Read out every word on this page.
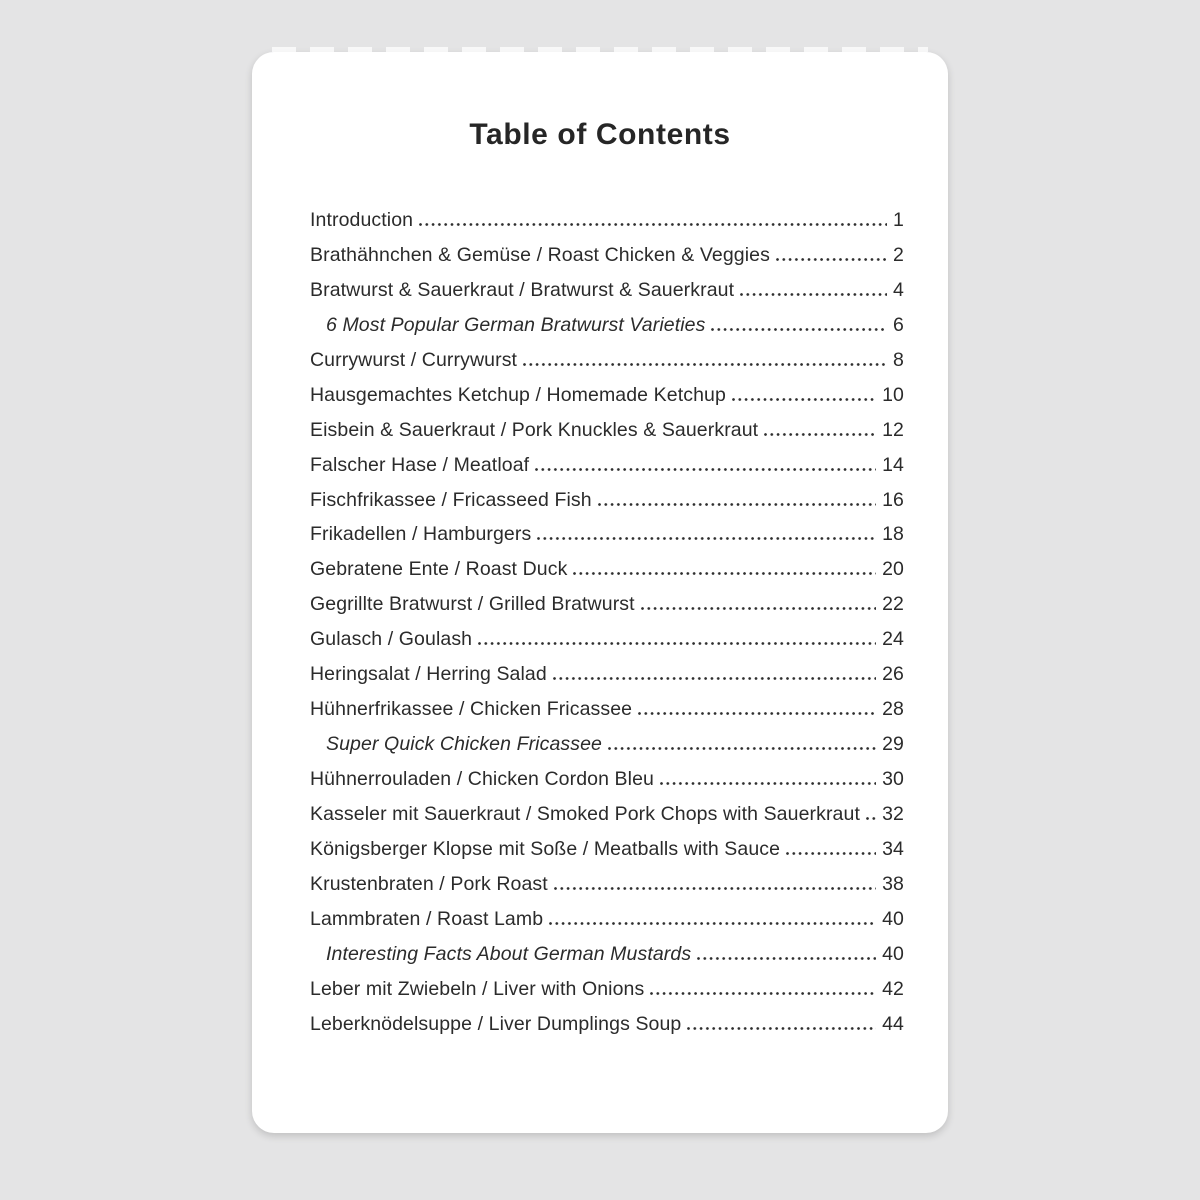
Table of Contents
Introduction	1
Brathähnchen & Gemüse / Roast Chicken & Veggies	2
Bratwurst & Sauerkraut / Bratwurst & Sauerkraut	4
6 Most Popular German Bratwurst Varieties	6
Currywurst / Currywurst	8
Hausgemachtes Ketchup / Homemade Ketchup	10
Eisbein & Sauerkraut / Pork Knuckles & Sauerkraut	12
Falscher Hase / Meatloaf	14
Fischfrikassee / Fricasseed Fish	16
Frikadellen / Hamburgers	18
Gebratene Ente / Roast Duck	20
Gegrillte Bratwurst / Grilled Bratwurst	22
Gulasch / Goulash	24
Heringsalat / Herring Salad	26
Hühnerfrikassee / Chicken Fricassee	28
Super Quick Chicken Fricassee	29
Hühnerrouladen / Chicken Cordon Bleu	30
Kasseler mit Sauerkraut / Smoked Pork Chops with Sauerkraut 32
Königsberger Klopse mit Soße / Meatballs with Sauce	34
Krustenbraten / Pork Roast	38
Lammbraten / Roast Lamb	40
Interesting Facts About German Mustards	40
Leber mit Zwiebeln / Liver with Onions	42
Leberknödelsuppe / Liver Dumplings Soup	44
